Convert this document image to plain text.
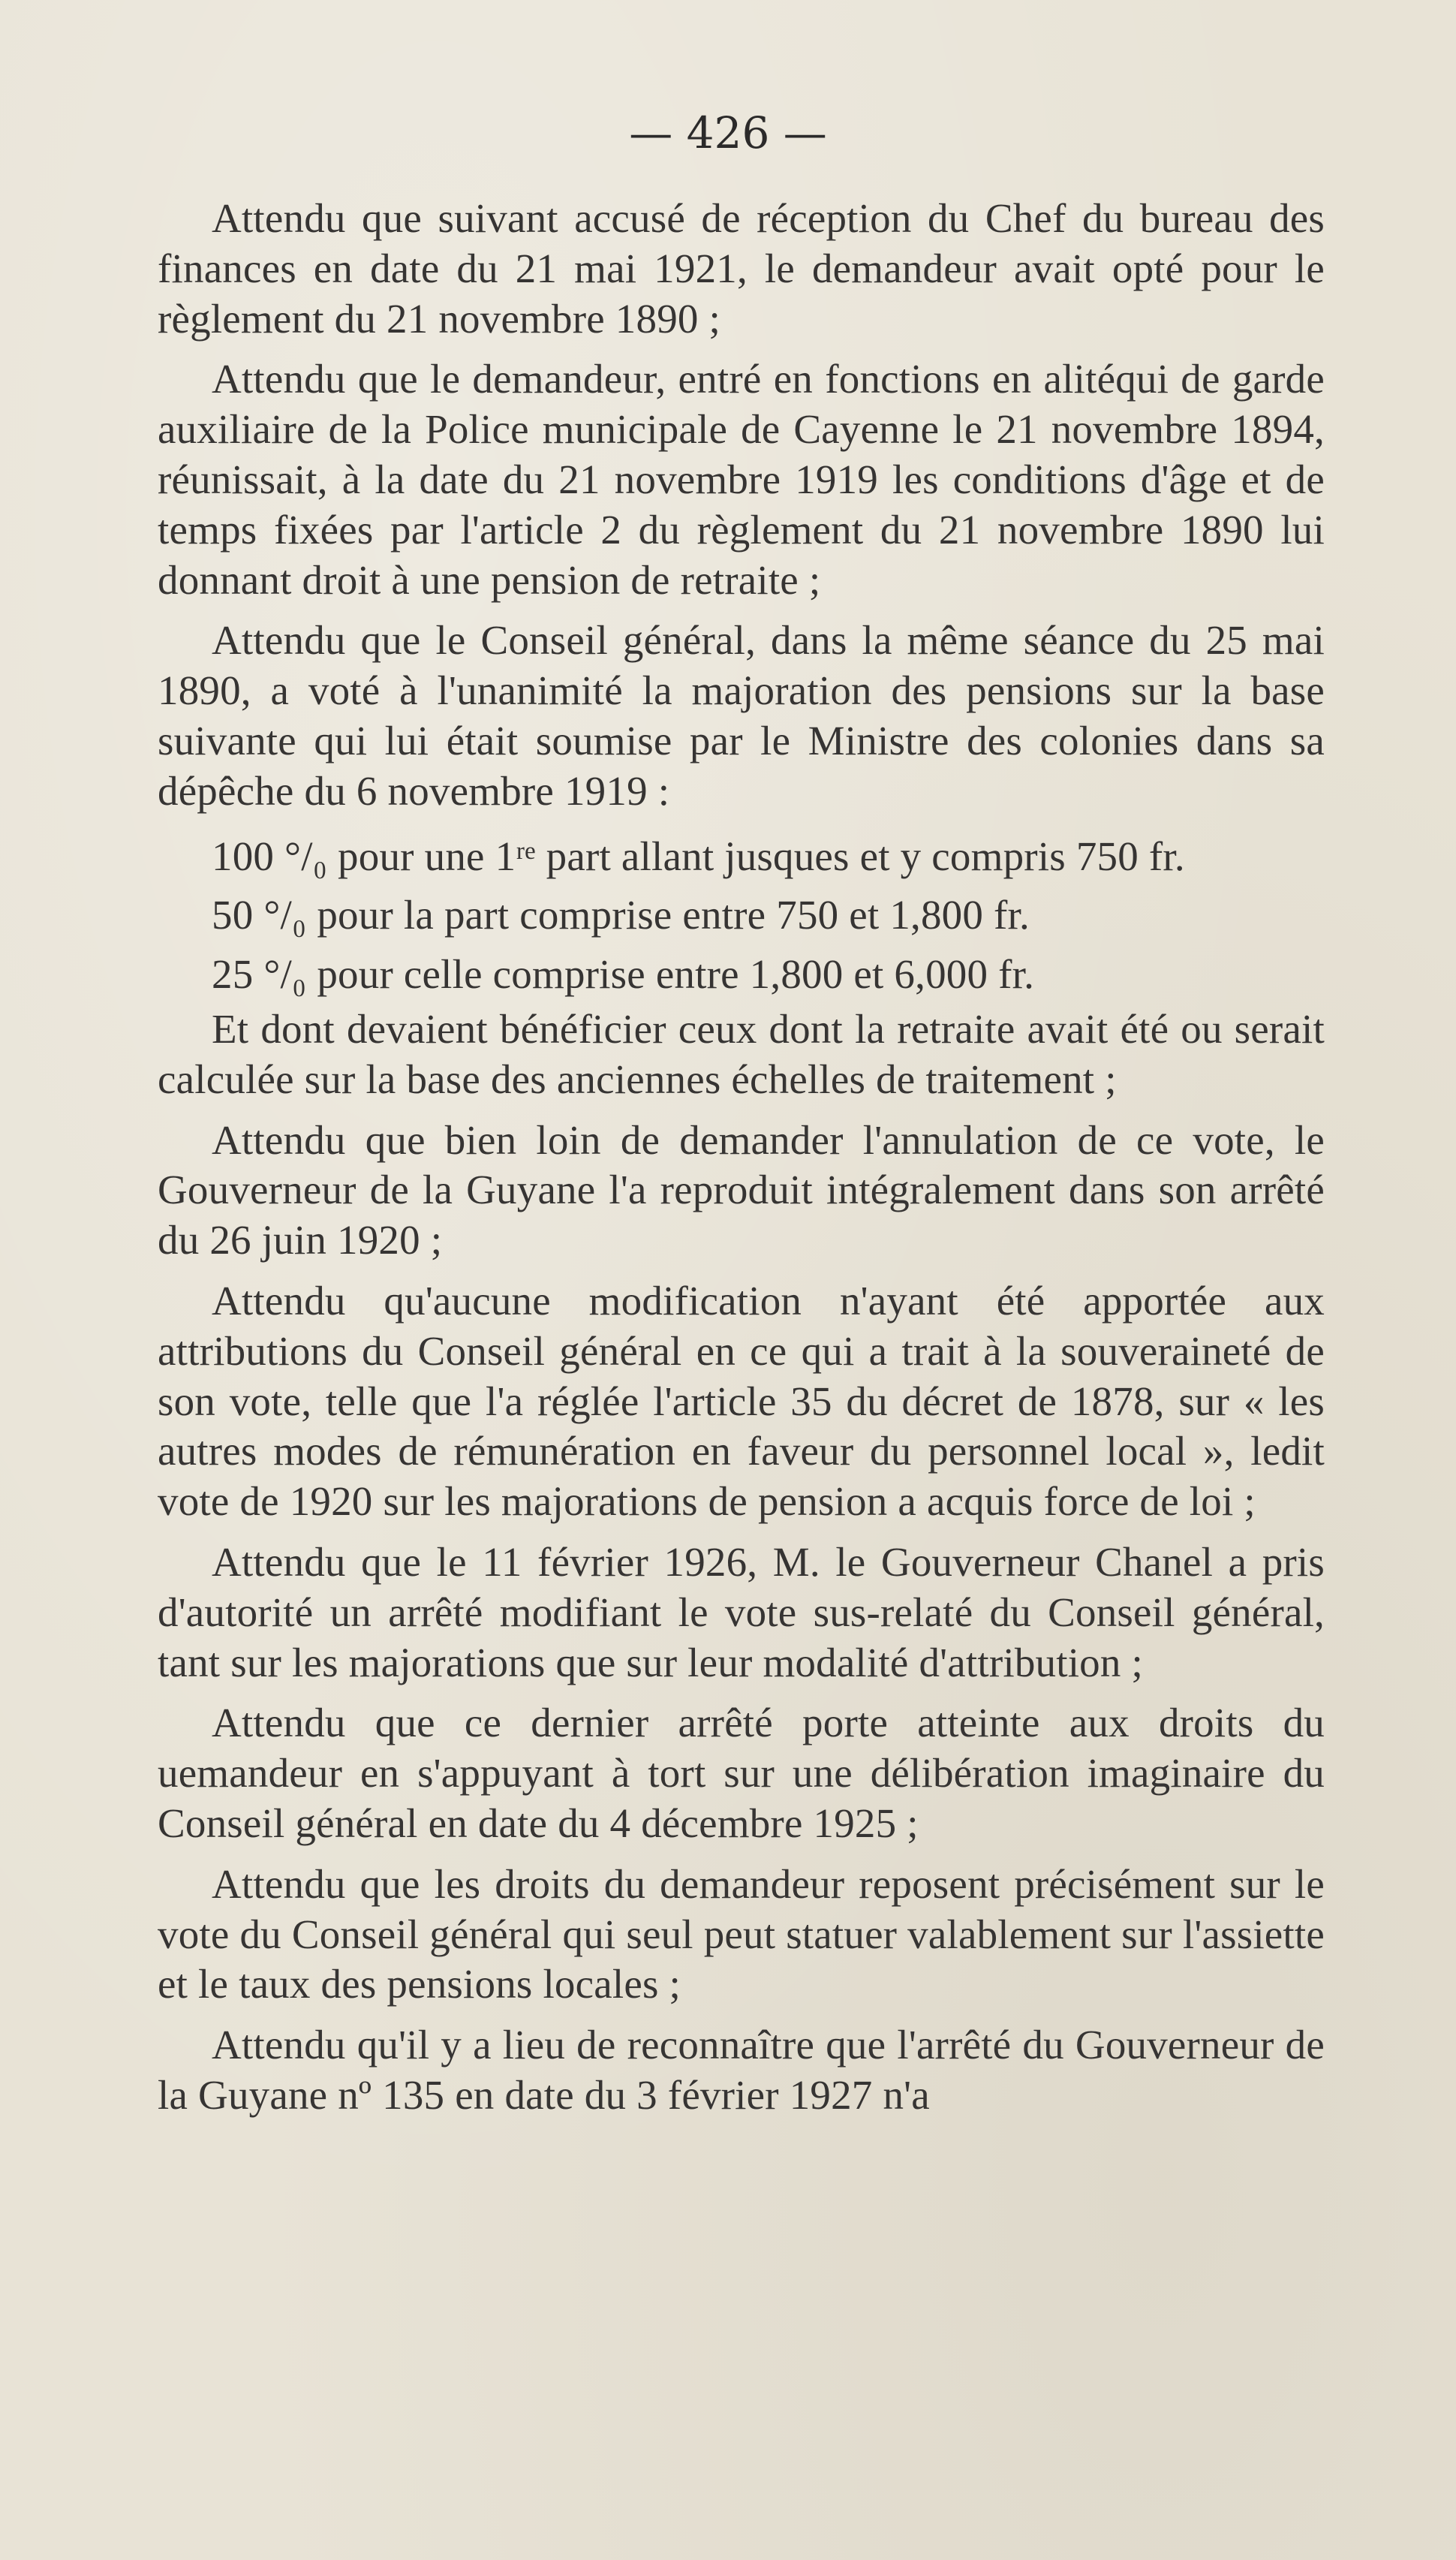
— 426 —

Attendu que suivant accusé de réception du Chef du bureau des finances en date du 21 mai 1921, le demandeur avait opté pour le règlement du 21 novembre 1890 ;

Attendu que le demandeur, entré en fonctions en alitéqui de garde auxiliaire de la Police municipale de Cayenne le 21 novembre 1894, réunissait, à la date du 21 novembre 1919 les conditions d'âge et de temps fixées par l'article 2 du règlement du 21 novembre 1890 lui donnant droit à une pension de retraite ;

Attendu que le Conseil général, dans la même séance du 25 mai 1890, a voté à l'unanimité la majoration des pensions sur la base suivante qui lui était soumise par le Ministre des colonies dans sa dépêche du 6 novembre 1919 :

100 °/₀ pour une 1ʳᵉ part allant jusques et y compris 750 fr.

50 °/₀ pour la part comprise entre 750 et 1,800 fr.

25 °/₀ pour celle comprise entre 1,800 et 6,000 fr.

Et dont devaient bénéficier ceux dont la retraite avait été ou serait calculée sur la base des anciennes échelles de traitement ;

Attendu que bien loin de demander l'annulation de ce vote, le Gouverneur de la Guyane l'a reproduit intégralement dans son arrêté du 26 juin 1920 ;

Attendu qu'aucune modification n'ayant été apportée aux attributions du Conseil général en ce qui a trait à la souveraineté de son vote, telle que l'a réglée l'article 35 du décret de 1878, sur « les autres modes de rémunération en faveur du personnel local », ledit vote de 1920 sur les majorations de pension a acquis force de loi ;

Attendu que le 11 février 1926, M. le Gouverneur Chanel a pris d'autorité un arrêté modifiant le vote sus-relaté du Conseil général, tant sur les majorations que sur leur modalité d'attribution ;

Attendu que ce dernier arrêté porte atteinte aux droits du uemandeur en s'appuyant à tort sur une délibération imaginaire du Conseil général en date du 4 décembre 1925 ;

Attendu que les droits du demandeur reposent précisément sur le vote du Conseil général qui seul peut statuer valablement sur l'assiette et le taux des pensions locales ;

Attendu qu'il y a lieu de reconnaître que l'arrêté du Gouverneur de la Guyane nº 135 en date du 3 février 1927 n'a
